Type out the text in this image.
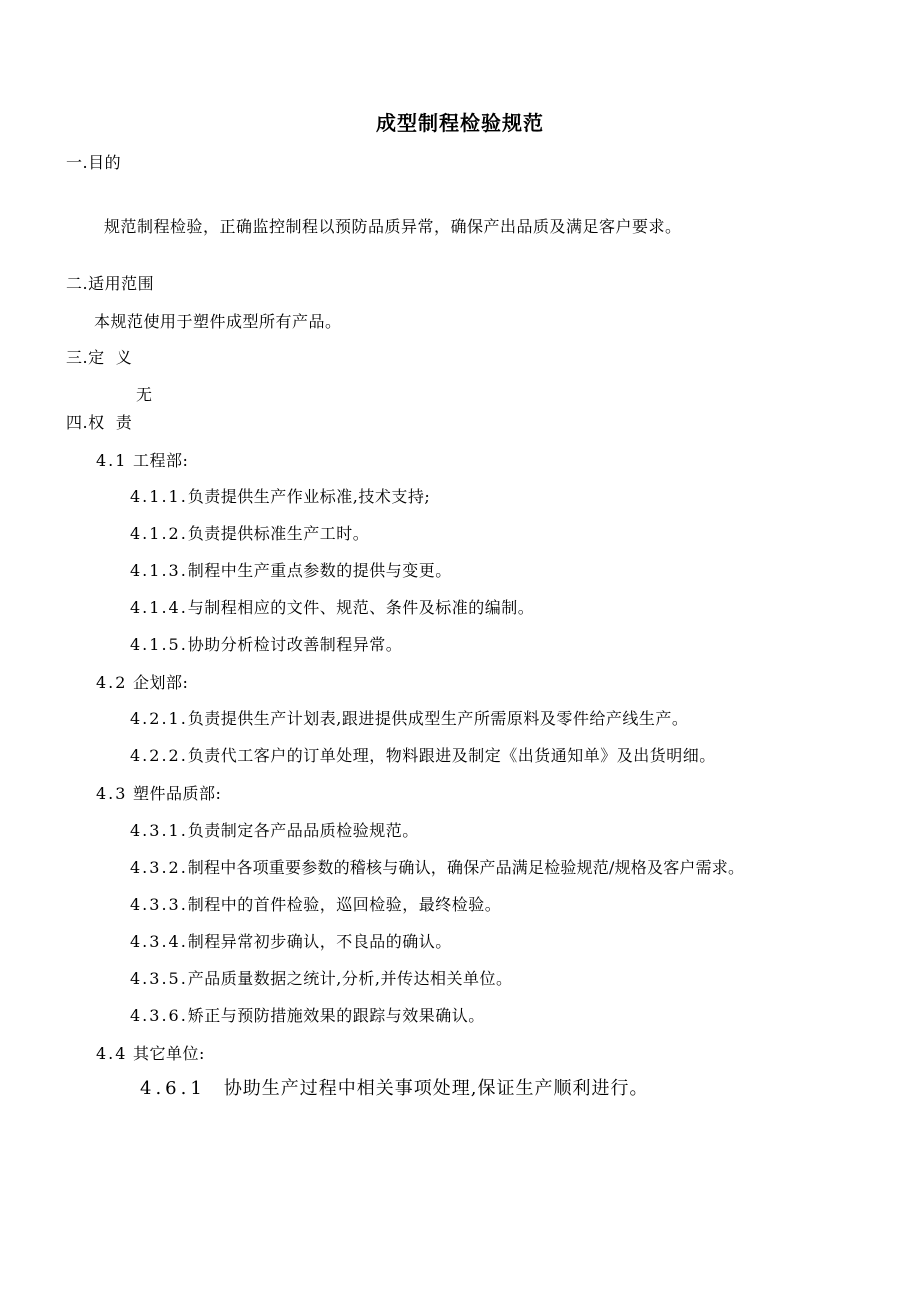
成型制程检验规范
一.目的
规范制程检验，正确监控制程以预防品质异常，确保产出品质及满足客户要求。
二.适用范围
本规范使用于塑件成型所有产品。
三.定  义
无
四.权  责
4.1 工程部:
4.1.1.负责提供生产作业标准,技术支持;
4.1.2.负责提供标准生产工时。
4.1.3.制程中生产重点参数的提供与变更。
4.1.4.与制程相应的文件、规范、条件及标准的编制。
4.1.5.协助分析检讨改善制程异常。
4.2 企划部:
4.2.1.负责提供生产计划表,跟进提供成型生产所需原料及零件给产线生产。
4.2.2.负责代工客户的订单处理，物料跟进及制定《出货通知单》及出货明细。
4.3 塑件品质部:
4.3.1.负责制定各产品品质检验规范。
4.3.2.制程中各项重要参数的稽核与确认，确保产品满足检验规范/规格及客户需求。
4.3.3.制程中的首件检验，巡回检验，最终检验。
4.3.4.制程异常初步确认，不良品的确认。
4.3.5.产品质量数据之统计,分析,并传达相关单位。
4.3.6.矫正与预防措施效果的跟踪与效果确认。
4.4 其它单位:
4.6.1 协助生产过程中相关事项处理,保证生产顺利进行。
